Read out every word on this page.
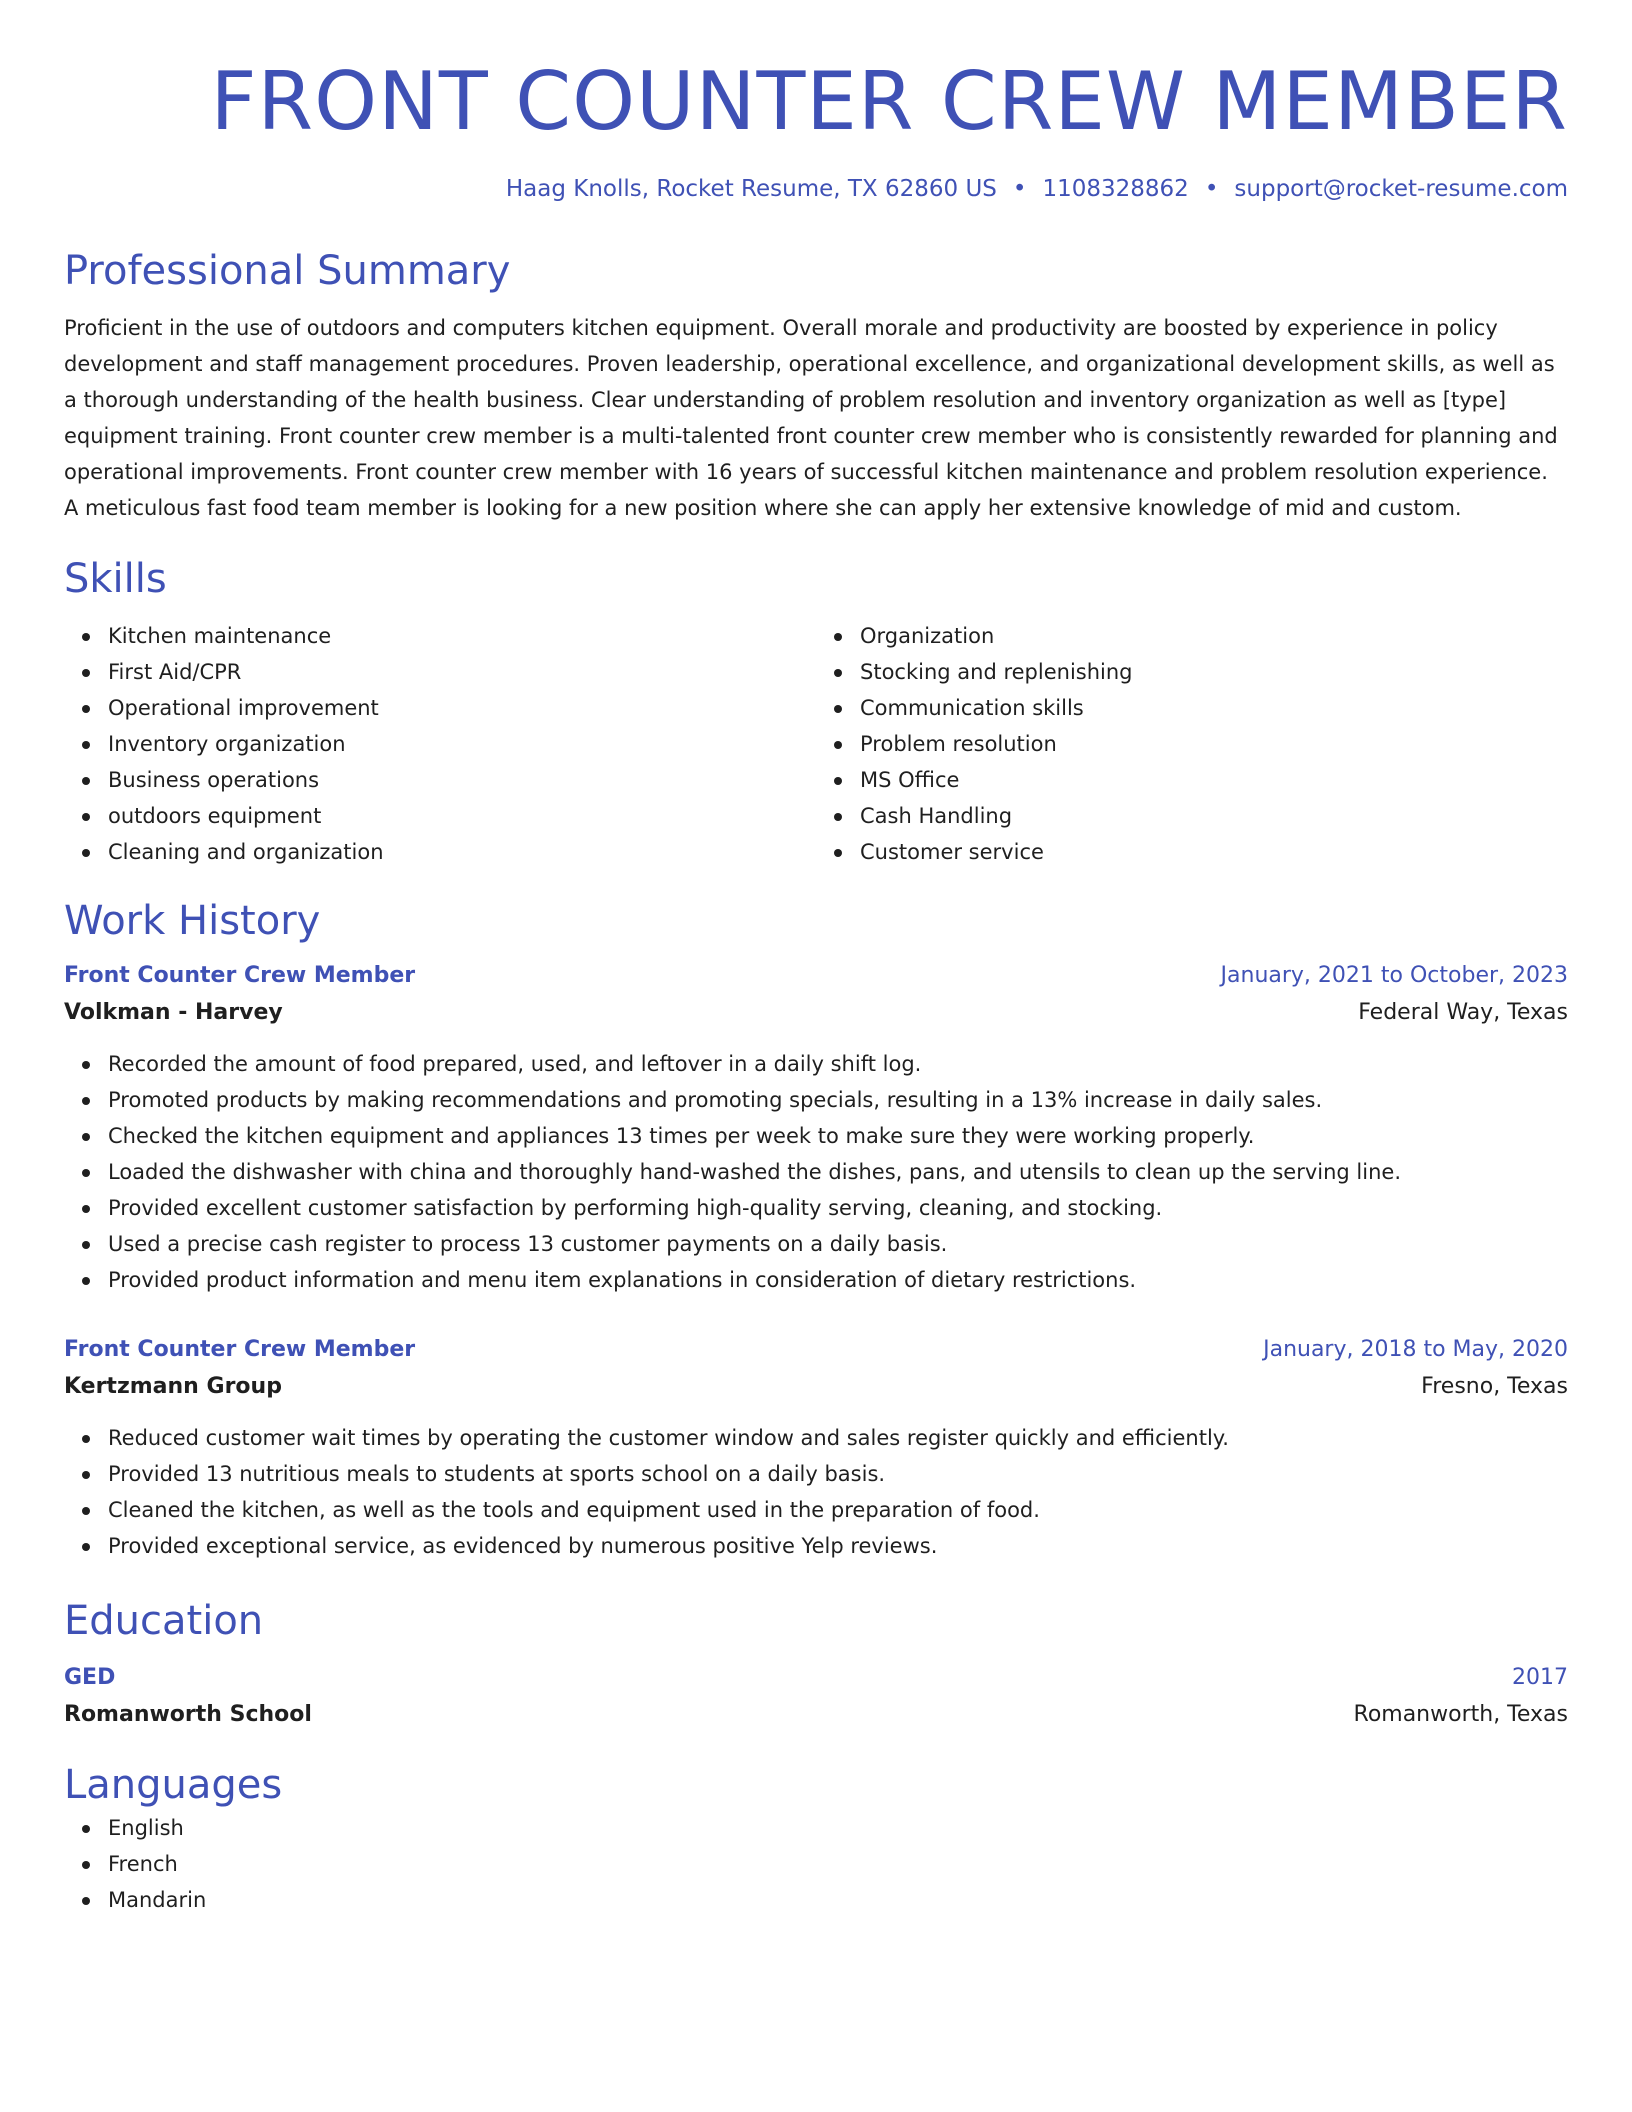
FRONT COUNTER CREW MEMBER
Haag Knolls, Rocket Resume, TX 62860 US • 1108328862 • support@rocket-resume.com
Professional Summary
Proficient in the use of outdoors and computers kitchen equipment. Overall morale and productivity are boosted by experience in policy development and staff management procedures. Proven leadership, operational excellence, and organizational development skills, as well as a thorough understanding of the health business. Clear understanding of problem resolution and inventory organization as well as [type] equipment training. Front counter crew member is a multi-talented front counter crew member who is consistently rewarded for planning and operational improvements. Front counter crew member with 16 years of successful kitchen maintenance and problem resolution experience. A meticulous fast food team member is looking for a new position where she can apply her extensive knowledge of mid and custom.
Skills
Kitchen maintenance
First Aid/CPR
Operational improvement
Inventory organization
Business operations
outdoors equipment
Cleaning and organization
Organization
Stocking and replenishing
Communication skills
Problem resolution
MS Office
Cash Handling
Customer service
Work History
Front Counter Crew Member	January, 2021 to October, 2023
Volkman - Harvey	Federal Way, Texas
Recorded the amount of food prepared, used, and leftover in a daily shift log.
Promoted products by making recommendations and promoting specials, resulting in a 13% increase in daily sales.
Checked the kitchen equipment and appliances 13 times per week to make sure they were working properly.
Loaded the dishwasher with china and thoroughly hand-washed the dishes, pans, and utensils to clean up the serving line.
Provided excellent customer satisfaction by performing high-quality serving, cleaning, and stocking.
Used a precise cash register to process 13 customer payments on a daily basis.
Provided product information and menu item explanations in consideration of dietary restrictions.
Front Counter Crew Member	January, 2018 to May, 2020
Kertzmann Group	Fresno, Texas
Reduced customer wait times by operating the customer window and sales register quickly and efficiently.
Provided 13 nutritious meals to students at sports school on a daily basis.
Cleaned the kitchen, as well as the tools and equipment used in the preparation of food.
Provided exceptional service, as evidenced by numerous positive Yelp reviews.
Education
GED	2017
Romanworth School	Romanworth, Texas
Languages
English
French
Mandarin
